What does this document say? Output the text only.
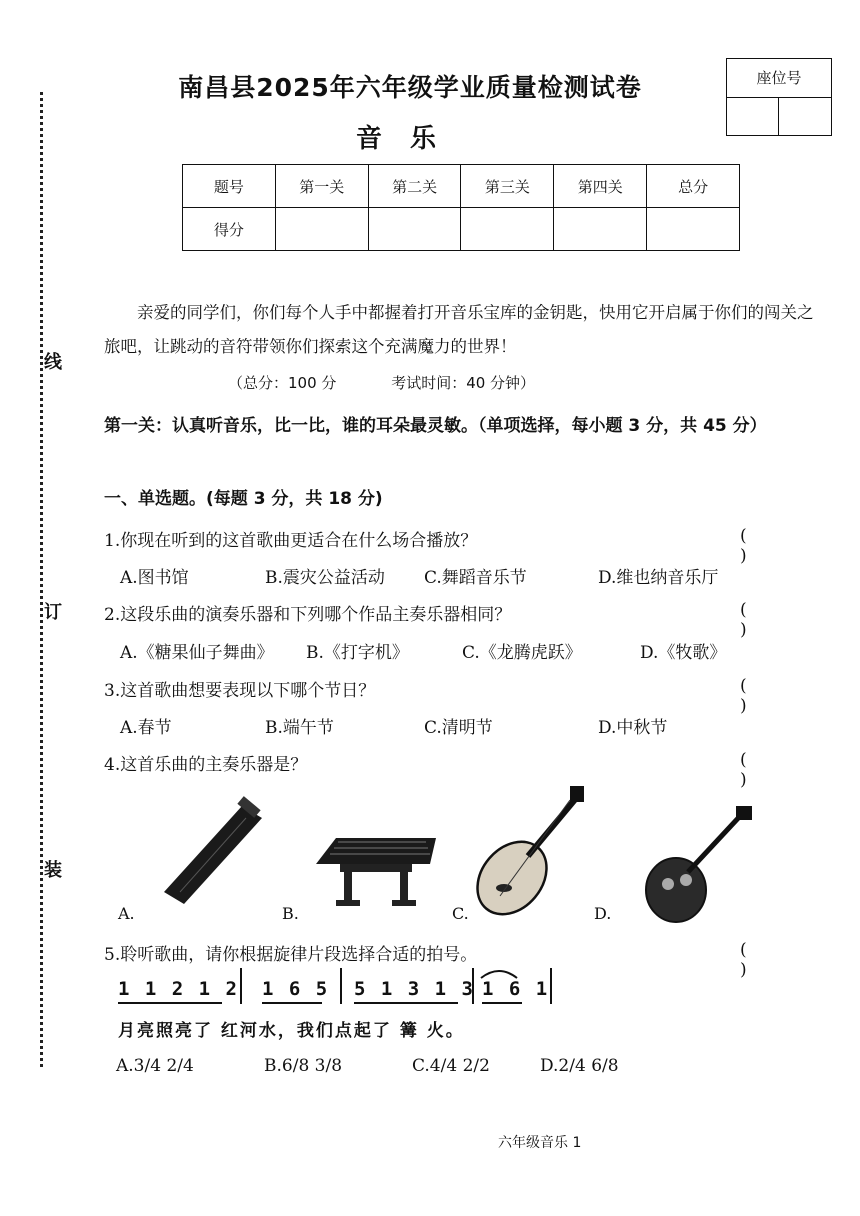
线
订
装
南昌县2025年六年级学业质量检测试卷
音乐
座位号
题号	第一关	第二关	第三关	第四关	总分
得分					
亲爱的同学们，你们每个人手中都握着打开音乐宝库的金钥匙，快用它开启属于你们的闯关之旅吧，让跳动的音符带领你们探索这个充满魔力的世界！
（总分：100 分	考试时间：40 分钟）
第一关：认真听音乐，比一比，谁的耳朵最灵敏。（单项选择，每小题 3 分，共 45 分）
一、单选题。(每题 3 分，共 18 分)
1.你现在听到的这首歌曲更适合在什么场合播放？	( )
A.图书馆	B.震灾公益活动 C.舞蹈音乐节	D.维也纳音乐厅
2.这段乐曲的演奏乐器和下列哪个作品主奏乐器相同？	( )
A.《糖果仙子舞曲》 B.《打字机》	C.《龙腾虎跃》	D.《牧歌》
3.这首歌曲想要表现以下哪个节日？	( )
A.春节	B.端午节	C.清明节	D.中秋节
4.这首乐曲的主奏乐器是？	( )
A.	B.	C.	D.
5.聆听歌曲，请你根据旋律片段选择合适的拍号。	( )
1 1 2 1 2 1 6 5 5 1 3 1 3 1 6 1
月亮照亮了 红河水，我们点起了 篝 火。
A.3/4 2/4	B.6/8 3/8	C.4/4 2/2	D.2/4 6/8
六年级音乐 1
